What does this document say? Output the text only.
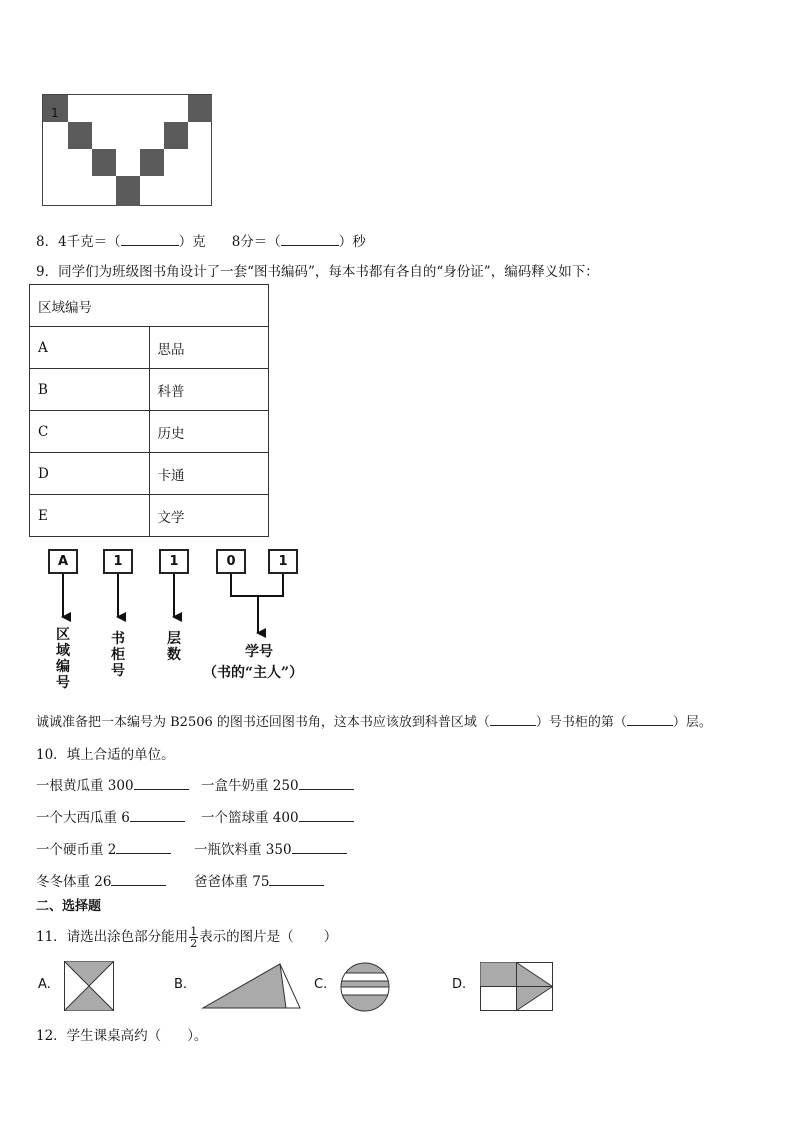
1
8．4千克＝（	）克 8分＝（	）秒
9．同学们为班级图书角设计了一套“图书编码”，每本书都有各自的“身份证”，编码释义如下：
区域编号	
A	思品
B	科普
C	历史
D	卡通
E	文学
A	1	1	0	1
区域编号
书柜号
层数	学号
（书的“主人”）
诚诚准备把一本编号为 B2506 的图书还回图书角，这本书应该放到科普区域（	）号书柜的第（	）层。
10．填上合适的单位。
一根黄瓜重 300	一盒牛奶重 250
一个大西瓜重 6	一个篮球重 400
一个硬币重 2	一瓶饮料重 350
冬冬体重 26	爸爸体重 75
二、选择题
11．请选出涂色部分能用 $\frac{1}{2}$ 表示的图片是（ ）
A.	B.	C.	D.
12．学生课桌高约（ ）。
